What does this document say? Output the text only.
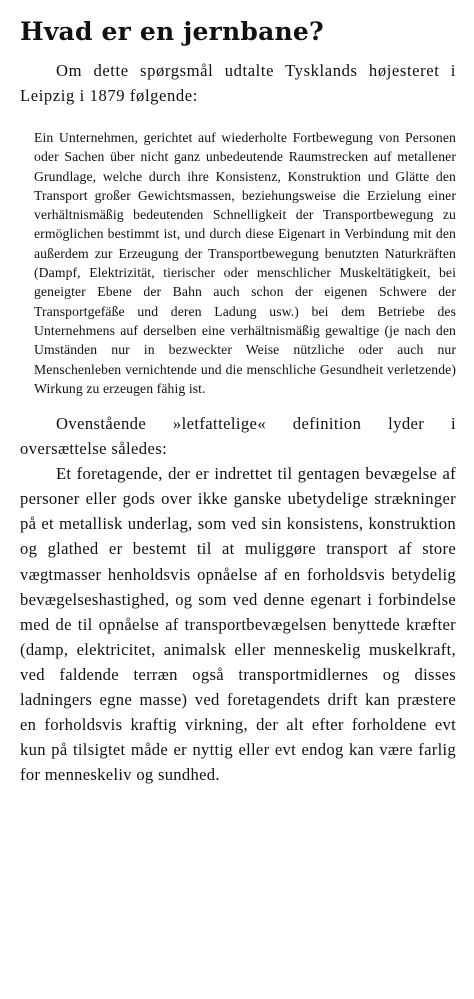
Hvad er en jernbane?

Om dette spørgsmål udtalte Tysklands højesteret i Leipzig i 1879 følgende:

Ein Unternehmen, gerichtet auf wiederholte Fortbewegung von Personen oder Sachen über nicht ganz unbedeutende Raumstrecken auf metallener Grundlage, welche durch ihre Konsistenz, Konstruktion und Glätte den Transport großer Gewichtsmassen, beziehungsweise die Erzielung einer verhältnismäßig bedeutenden Schnelligkeit der Transportbewegung zu ermöglichen bestimmt ist, und durch diese Eigenart in Verbindung mit den außerdem zur Erzeugung der Transportbewegung benutzten Naturkräften (Dampf, Elektrizität, tierischer oder menschlicher Muskeltätigkeit, bei geneigter Ebene der Bahn auch schon der eigenen Schwere der Transportgefäße und deren Ladung usw.) bei dem Betriebe des Unternehmens auf derselben eine verhältnismäßig gewaltige (je nach den Umständen nur in bezweckter Weise nützliche oder auch nur Menschenleben vernichtende und die menschliche Gesundheit verletzende) Wirkung zu erzeugen fähig ist.

Ovenstående »letfattelige« definition lyder i oversættelse således:

Et foretagende, der er indrettet til gentagen bevægelse af personer eller gods over ikke ganske ubetydelige strækninger på et metallisk underlag, som ved sin konsistens, konstruktion og glathed er bestemt til at muliggøre transport af store vægtmasser henholdsvis opnåelse af en forholdsvis betydelig bevægelseshastighed, og som ved denne egenart i forbindelse med de til opnåelse af transportbevægelsen benyttede kræfter (damp, elektricitet, animalsk eller menneskelig muskelkraft, ved faldende terræn også transportmidlernes og disses ladningers egne masse) ved foretagendets drift kan præstere en forholdsvis kraftig virkning, der alt efter forholdene evt kun på tilsigtet måde er nyttig eller evt endog kan være farlig for menneskeliv og sundhed.
